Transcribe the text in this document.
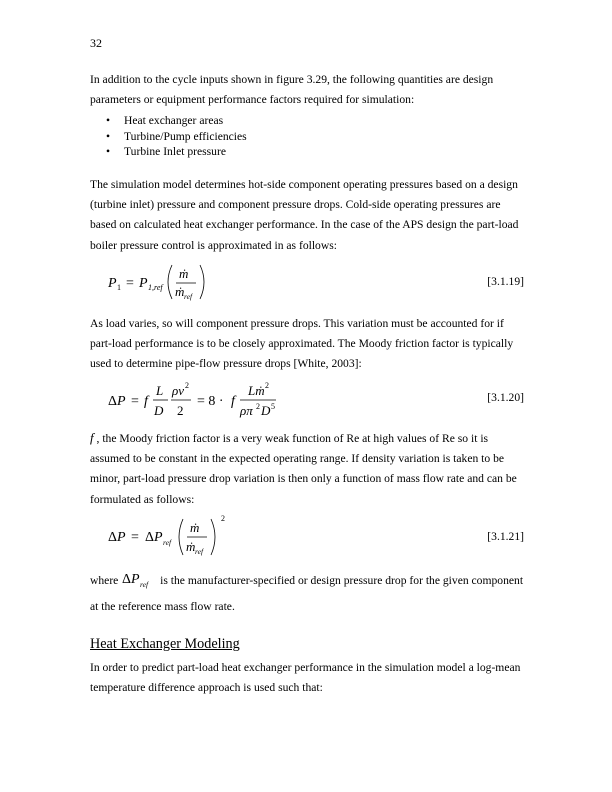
32
In addition to the cycle inputs shown in figure 3.29, the following quantities are design parameters or equipment performance factors required for simulation:
• Heat exchanger areas
• Turbine/Pump efficiencies
• Turbine Inlet pressure
The simulation model determines hot-side component operating pressures based on a design (turbine inlet) pressure and component pressure drops. Cold-side operating pressures are based on calculated heat exchanger performance. In the case of the APS design the part-load boiler pressure control is approximated in as follows:
P 1 = P 1,ref
ṁ
ṁ ref
[3.1.19]
As load varies, so will component pressure drops. This variation must be accounted for if part-load performance is to be closely approximated. The Moody friction factor is typically used to determine pipe-flow pressure drops [White, 2003]:
ΔP = f
L
D
ρv 2
2
= 8 · f
Lṁ 2
ρπ 2 D 5
[3.1.20]
f , the Moody friction factor is a very weak function of Re at high values of Re so it is assumed to be constant in the expected operating range. If density variation is taken to be minor, part-load pressure drop variation is then only a function of mass flow rate and can be formulated as follows:
ΔP = ΔP ref
ṁ
ṁ ref
2
[3.1.21]
where ΔP ref is the manufacturer-specified or design pressure drop for the given component at the reference mass flow rate.
Heat Exchanger Modeling
In order to predict part-load heat exchanger performance in the simulation model a log-mean temperature difference approach is used such that:
